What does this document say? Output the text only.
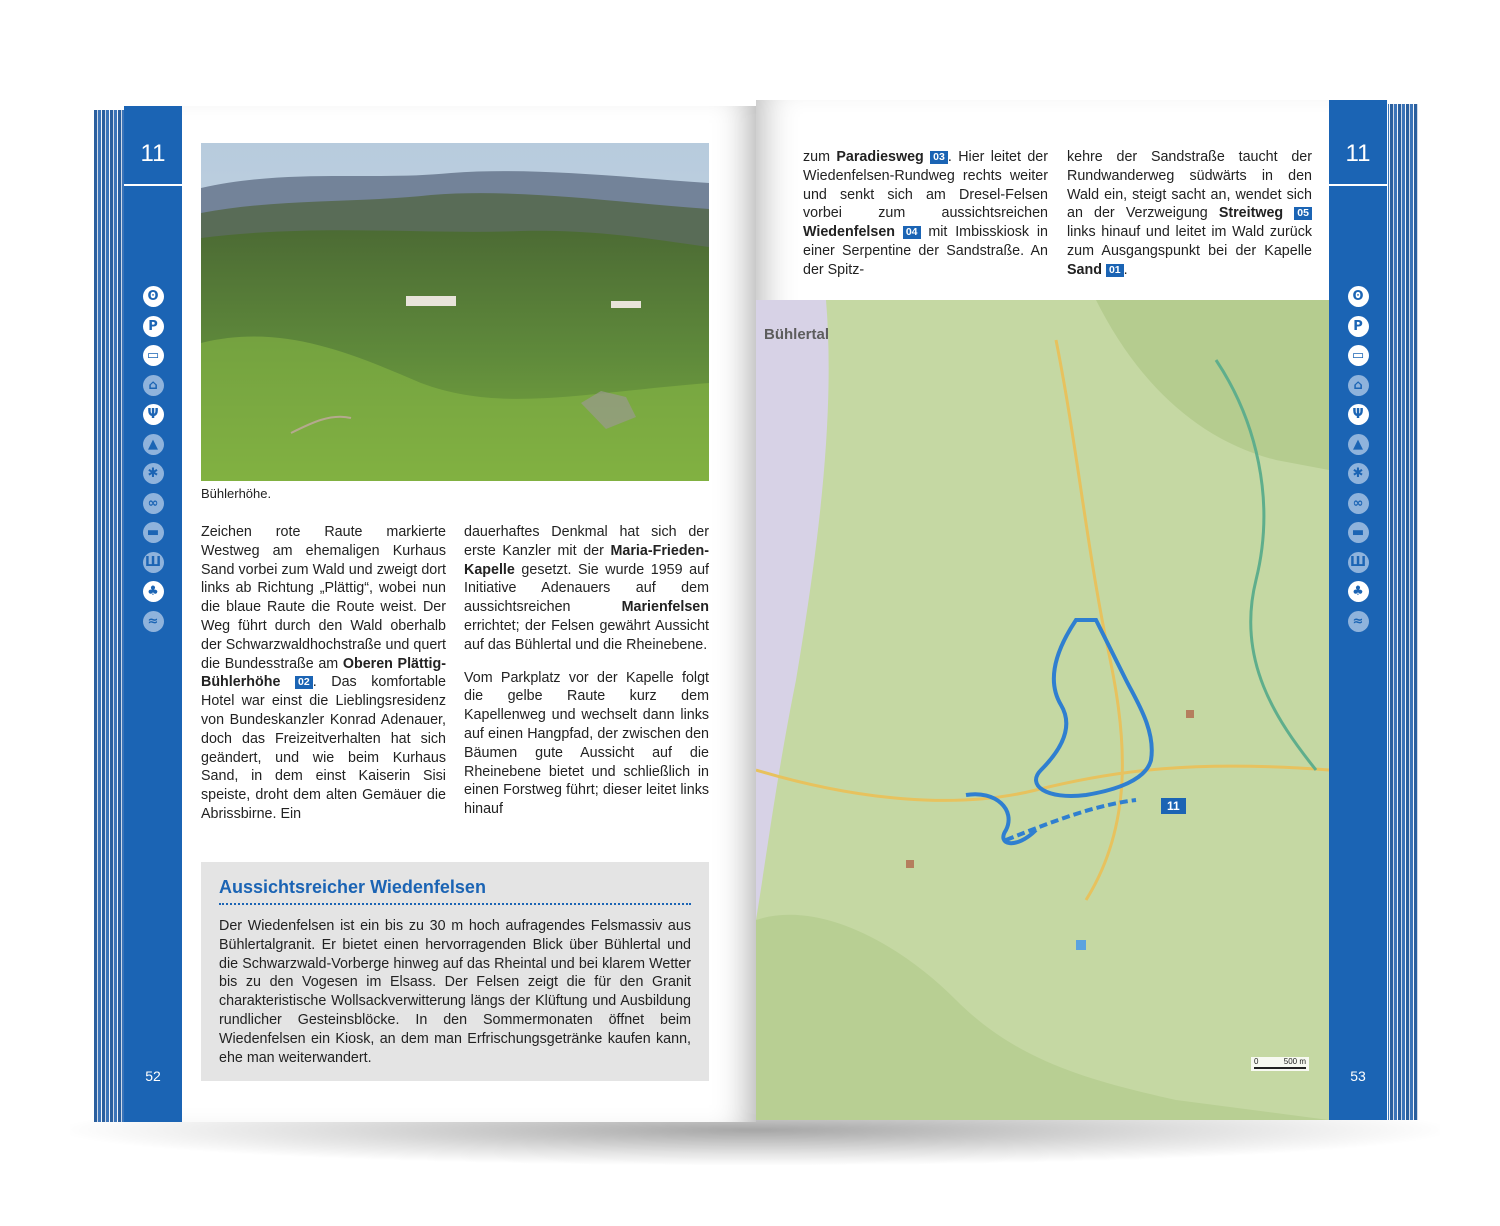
11
ʘ
P
▭
⌂
Ψ
▲
✱
∞
▬
Ш
♣
≈
52
Bühlerhöhe.

Zeichen rote Raute markierte Westweg am ehemaligen Kurhaus Sand vorbei zum Wald und zweigt dort links ab Richtung „Plättig“, wobei nun die blaue Raute die Route weist. Der Weg führt durch den Wald oberhalb der Schwarzwaldhochstraße und quert die Bundesstraße am Oberen Plättig-Bühlerhöhe 02 . Das komfortable Hotel war einst die Lieblingsresidenz von Bundeskanzler Konrad Adenauer, doch das Freizeitverhalten hat sich geändert, und wie beim Kurhaus Sand, in dem einst Kaiserin Sisi speiste, droht dem alten Gemäuer die Abrissbirne. Ein

dauerhaftes Denkmal hat sich der erste Kanzler mit der Maria-Frieden-Kapelle gesetzt. Sie wurde 1959 auf Initiative Adenauers auf dem aussichtsreichen Marienfelsen errichtet; der Felsen gewährt Aussicht auf das Bühlertal und die Rheinebene.

Vom Parkplatz vor der Kapelle folgt die gelbe Raute kurz dem Kapellenweg und wechselt dann links auf einen Hangpfad, der zwischen den Bäumen gute Aussicht auf die Rheinebene bietet und schließlich in einen Forstweg führt; dieser leitet links hinauf

Aussichtsreicher Wiedenfelsen
Der Wiedenfelsen ist ein bis zu 30 m hoch aufragendes Felsmassiv aus Bühlertalgranit. Er bietet einen hervorragenden Blick über Bühlertal und die Schwarzwald-Vorberge hinweg auf das Rheintal und bei klarem Wetter bis zu den Vogesen im Elsass. Der Felsen zeigt die für den Granit charakteristische Wollsackverwitterung längs der Klüftung und Ausbildung rundlicher Gesteinsblöcke. In den Sommermonaten öffnet beim Wiedenfelsen ein Kiosk, an dem man Erfrischungsgetränke kaufen kann, ehe man weiterwandert.

zum Paradiesweg 03 . Hier leitet der Wiedenfelsen-Rundweg rechts weiter und senkt sich am Dresel-Felsen vorbei zum aussichtsreichen Wiedenfelsen 04 mit Imbisskiosk in einer Serpentine der Sandstraße. An der Spitz-

kehre der Sandstraße taucht der Rundwanderweg südwärts in den Wald ein, steigt sacht an, wendet sich an der Verzweigung Streitweg 05 links hinauf und leitet im Wald zurück zum Ausgangspunkt bei der Kapelle Sand 01 .

Bühlertal
11
0	500 m
11
ʘ
P
▭
⌂
Ψ
▲
✱
∞
▬
Ш
♣
≈
53
